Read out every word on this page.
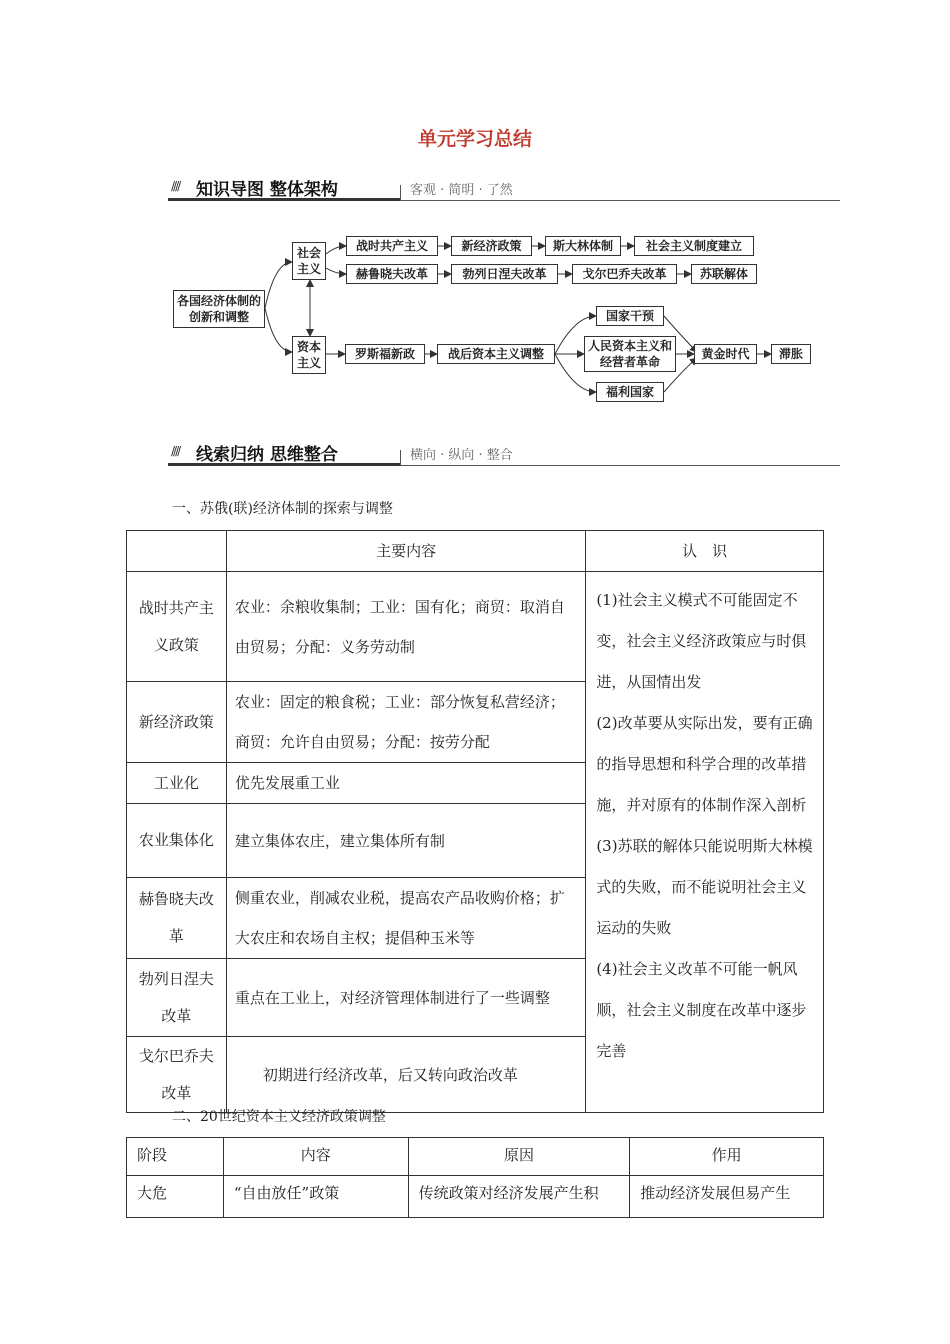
单元学习总结
//// 知识导图 整体架构	客观 · 简明 · 了然
各国经济体制的创新和调整
社会主义
资本主义
战时共产主义	新经济政策	斯大林体制	社会主义制度建立
赫鲁晓夫改革	勃列日涅夫改革	戈尔巴乔夫改革	苏联解体
罗斯福新政	战后资本主义调整
国家干预
人民资本主义和经营者革命
福利国家
黄金时代	滞胀
//// 线索归纳 思维整合	横向 · 纵向 · 整合
一、苏俄(联)经济体制的探索与调整
	主要内容	认　识
战时共产主义政策	农业：余粮收集制；工业：国有化；商贸：取消自由贸易；分配：义务劳动制	(1)社会主义模式不可能固定不变，社会主义经济政策应与时俱进，从国情出发
(2)改革要从实际出发，要有正确的指导思想和科学合理的改革措施，并对原有的体制作深入剖析
(3)苏联的解体只能说明斯大林模式的失败，而不能说明社会主义运动的失败
(4)社会主义改革不可能一帆风顺，社会主义制度在改革中逐步完善

新经济政策	农业：固定的粮食税；工业：部分恢复私营经济；商贸：允许自由贸易；分配：按劳分配	
工业化	优先发展重工业	
农业集体化	建立集体农庄，建立集体所有制	
赫鲁晓夫改革	侧重农业，削减农业税，提高农产品收购价格；扩大农庄和农场自主权；提倡种玉米等	
勃列日涅夫改革	重点在工业上，对经济管理体制进行了一些调整	
戈尔巴乔夫改革	初期进行经济改革，后又转向政治改革	
二、20世纪资本主义经济政策调整
阶段	内容	原因	作用
大危	“自由放任”政策	传统政策对经济发展产生积	推动经济发展但易产生
